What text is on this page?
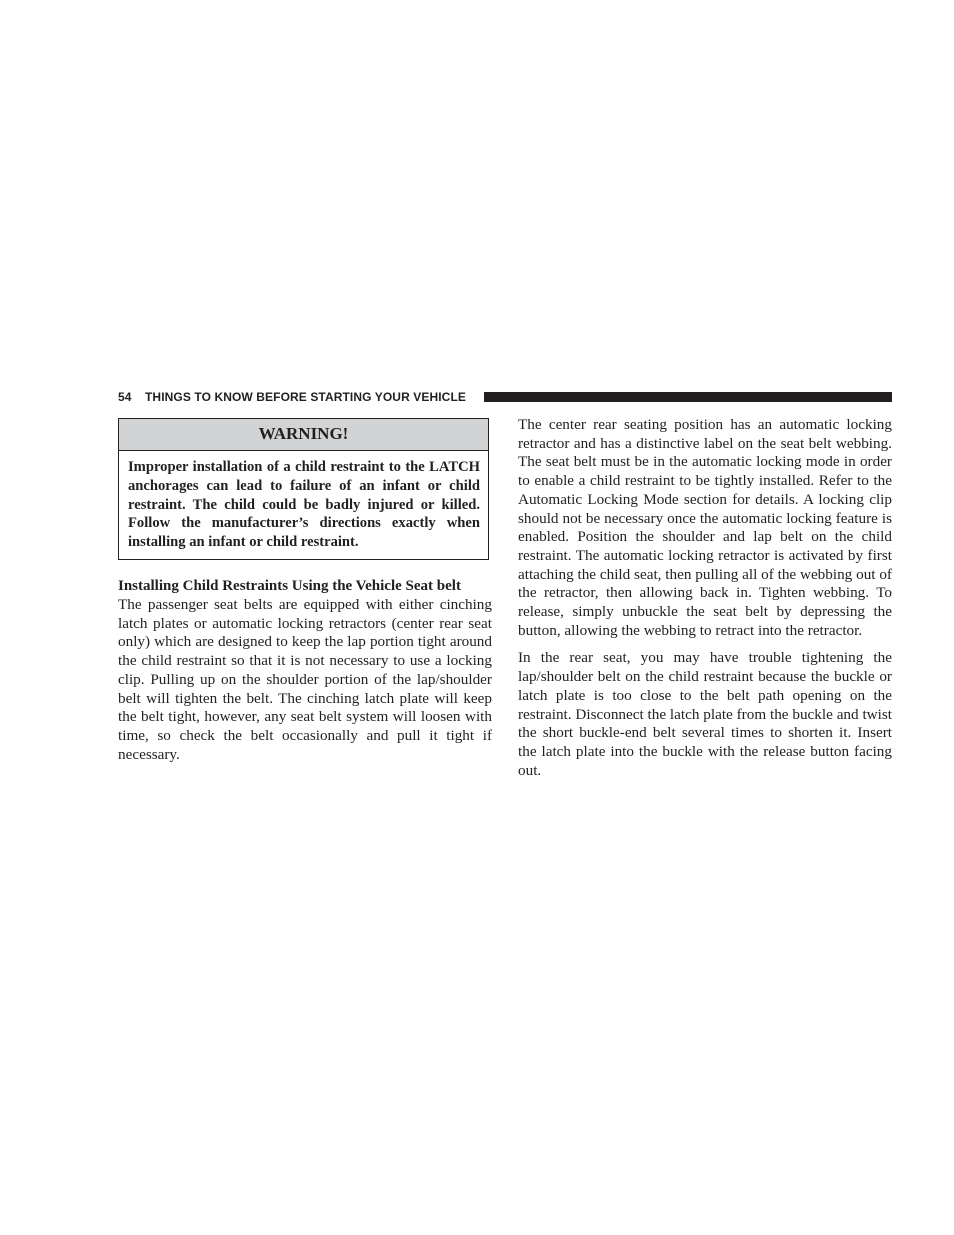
54 THINGS TO KNOW BEFORE STARTING YOUR VEHICLE
WARNING!
Improper installation of a child restraint to the LATCH anchorages can lead to failure of an infant or child restraint. The child could be badly injured or killed. Follow the manufacturer’s directions exactly when installing an infant or child restraint.
Installing Child Restraints Using the Vehicle Seat belt

The passenger seat belts are equipped with either cinching latch plates or automatic locking retractors (center rear seat only) which are designed to keep the lap portion tight around the child restraint so that it is not necessary to use a locking clip. Pulling up on the shoulder portion of the lap/shoulder belt will tighten the belt. The cinching latch plate will keep the belt tight, however, any seat belt system will loosen with time, so check the belt occasionally and pull it tight if necessary.

The center rear seating position has an automatic locking retractor and has a distinctive label on the seat belt webbing. The seat belt must be in the automatic locking mode in order to enable a child restraint to be tightly installed. Refer to the Automatic Locking Mode section for details. A locking clip should not be necessary once the automatic locking feature is enabled. Position the shoulder and lap belt on the child restraint. The automatic locking retractor is activated by first attaching the child seat, then pulling all of the webbing out of the retractor, then allowing back in. Tighten webbing. To release, simply unbuckle the seat belt by depressing the button, allowing the webbing to retract into the retractor.

In the rear seat, you may have trouble tightening the lap/shoulder belt on the child restraint because the buckle or latch plate is too close to the belt path opening on the restraint. Disconnect the latch plate from the buckle and twist the short buckle-end belt several times to shorten it. Insert the latch plate into the buckle with the release button facing out.
